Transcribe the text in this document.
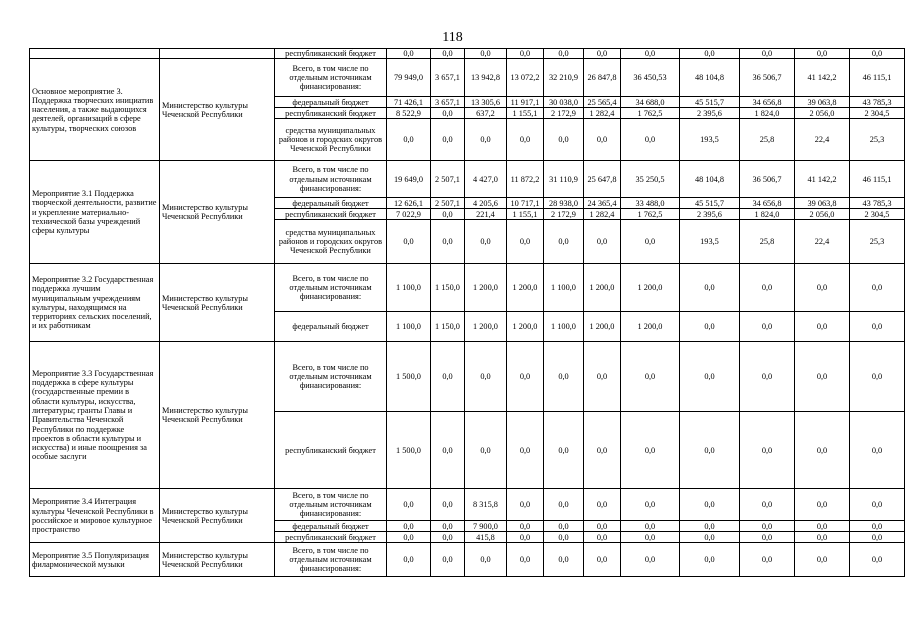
118
		республиканский бюджет	0,0	0,0	0,0	0,0	0,0	0,0	0,0	0,0	0,0	0,0	0,0
Основное мероприятие 3. Поддержка творческих инициатив населения, а также выдающихся деятелей, организаций в сфере культуры, творческих союзов	Министерство культуры Чеченской Республики	Всего, в том числе по отдельным источникам финансирования:	79 949,0	3 657,1	13 942,8	13 072,2	32 210,9	26 847,8	36 450,53	48 104,8	36 506,7	41 142,2	46 115,1
		федеральный бюджет	71 426,1	3 657,1	13 305,6	11 917,1	30 038,0	25 565,4	34 688,0	45 515,7	34 656,8	39 063,8	43 785,3
		республиканский бюджет	8 522,9	0,0	637,2	1 155,1	2 172,9	1 282,4	1 762,5	2 395,6	1 824,0	2 056,0	2 304,5
		средства муниципальных районов и городских округов Чеченской Республики	0,0	0,0	0,0	0,0	0,0	0,0	0,0	193,5	25,8	22,4	25,3
Мероприятие 3.1 Поддержка творческой деятельности, развитие и укрепление материально-технической базы учреждений сферы культуры	Министерство культуры Чеченской Республики	Всего, в том числе по отдельным источникам финансирования:	19 649,0	2 507,1	4 427,0	11 872,2	31 110,9	25 647,8	35 250,5	48 104,8	36 506,7	41 142,2	46 115,1
		федеральный бюджет	12 626,1	2 507,1	4 205,6	10 717,1	28 938,0	24 365,4	33 488,0	45 515,7	34 656,8	39 063,8	43 785,3
		республиканский бюджет	7 022,9	0,0	221,4	1 155,1	2 172,9	1 282,4	1 762,5	2 395,6	1 824,0	2 056,0	2 304,5
		средства муниципальных районов и городских округов Чеченской Республики	0,0	0,0	0,0	0,0	0,0	0,0	0,0	193,5	25,8	22,4	25,3
Мероприятие 3.2 Государственная поддержка лучшим муниципальным учреждениям культуры, находящимся на территориях сельских поселений, и их работникам	Министерство культуры Чеченской Республики	Всего, в том числе по отдельным источникам финансирования:	1 100,0	1 150,0	1 200,0	1 200,0	1 100,0	1 200,0	1 200,0	0,0	0,0	0,0	0,0
		федеральный бюджет	1 100,0	1 150,0	1 200,0	1 200,0	1 100,0	1 200,0	1 200,0	0,0	0,0	0,0	0,0
Мероприятие 3.3 Государственная поддержка в сфере культуры (государственные премии в области культуры, искусства, литературы; гранты Главы и Правительства Чеченской Республики по поддержке проектов в области культуры и искусства) и иные поощрения за особые заслуги	Министерство культуры Чеченской Республики	Всего, в том числе по отдельным источникам финансирования:	1 500,0	0,0	0,0	0,0	0,0	0,0	0,0	0,0	0,0	0,0	0,0
		республиканский бюджет	1 500,0	0,0	0,0	0,0	0,0	0,0	0,0	0,0	0,0	0,0	0,0
Мероприятие 3.4 Интеграция культуры Чеченской Республики в российское и мировое культурное пространство	Министерство культуры Чеченской Республики	Всего, в том числе по отдельным источникам финансирования:	0,0	0,0	8 315,8	0,0	0,0	0,0	0,0	0,0	0,0	0,0	0,0
		федеральный бюджет	0,0	0,0	7 900,0	0,0	0,0	0,0	0,0	0,0	0,0	0,0	0,0
		республиканский бюджет	0,0	0,0	415,8	0,0	0,0	0,0	0,0	0,0	0,0	0,0	0,0
Мероприятие 3.5 Популяризация филармонической музыки	Министерство культуры Чеченской Республики	Всего, в том числе по отдельным источникам финансирования:	0,0	0,0	0,0	0,0	0,0	0,0	0,0	0,0	0,0	0,0	0,0
